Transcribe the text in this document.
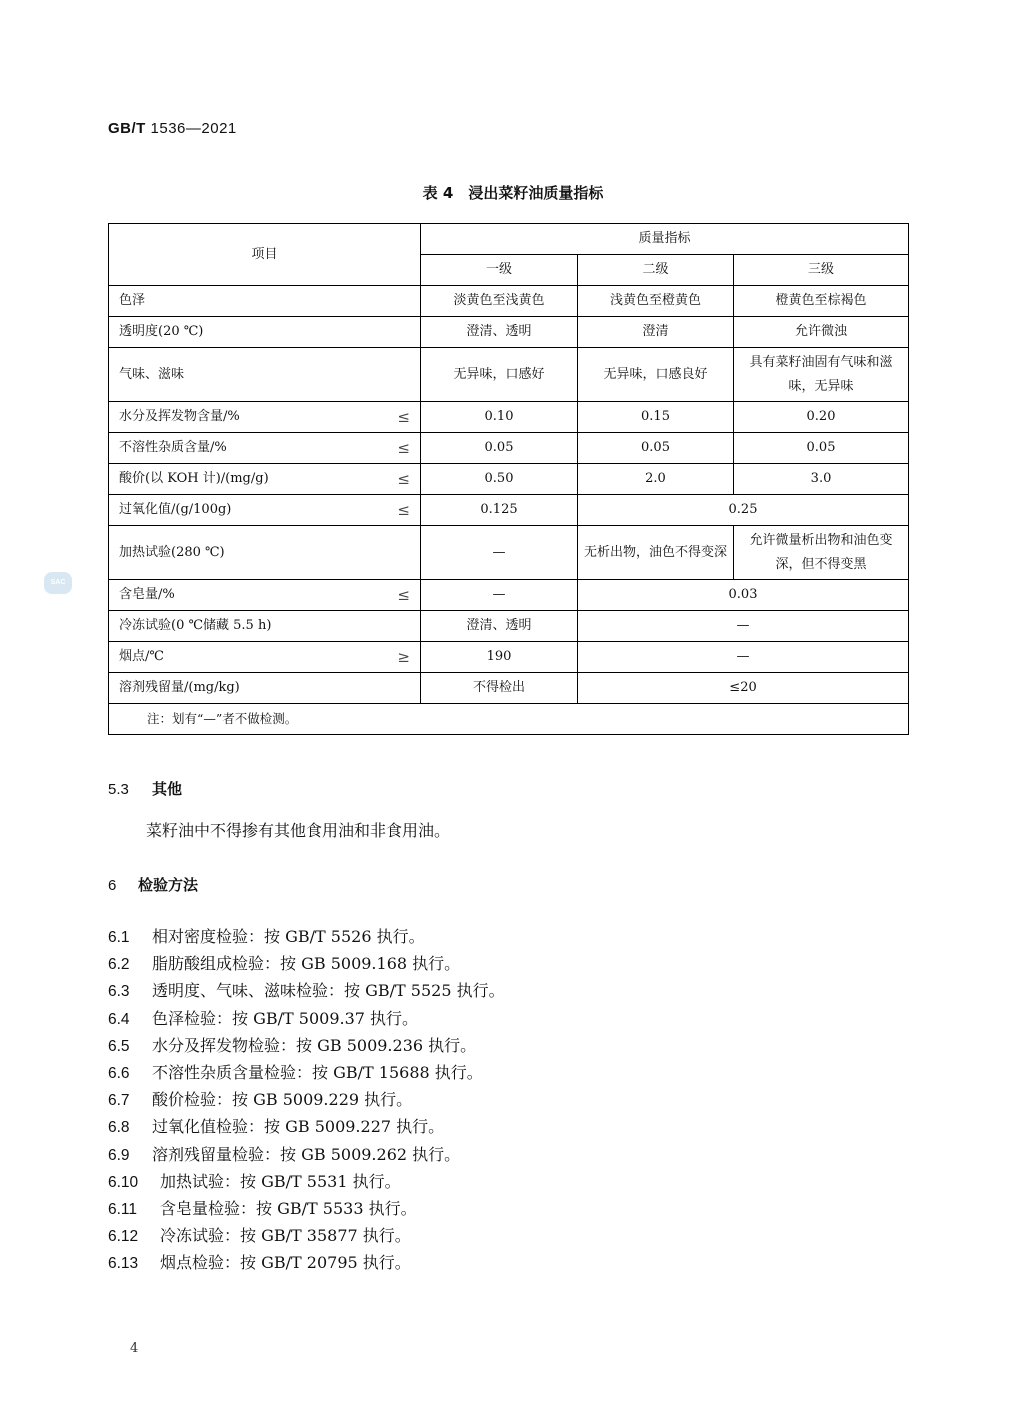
GB/T 1536—2021
表 4　浸出菜籽油质量指标
项目	质量指标		
	一级	二级	三级
色泽	淡黄色至浅黄色	浅黄色至橙黄色	橙黄色至棕褐色
透明度(20 ℃)	澄清、透明	澄清	允许微浊
气味、滋味	无异味，口感好	无异味，口感良好	具有菜籽油固有气味和滋味，无异味
水分及挥发物含量/% ≤	0.10	0.15	0.20
不溶性杂质含量/% ≤	0.05	0.05	0.05
酸价(以 KOH 计)/(mg/g) ≤	0.50	2.0	3.0
过氧化值/(g/100g) ≤	0.125	0.25	
加热试验(280 ℃)	—	无析出物，油色不得变深	允许微量析出物和油色变深，但不得变黑
含皂量/% ≤	—	0.03	
冷冻试验(0 ℃储藏 5.5 h)	澄清、透明	—	
烟点/℃ ≥	190	—	
溶剂残留量/(mg/kg)	不得检出	≤20	
注：划有“—”者不做检测。			
SAC
5.3 其他
菜籽油中不得掺有其他食用油和非食用油。
6 检验方法
6.1 相对密度检验：按 GB/T 5526 执行。
6.2 脂肪酸组成检验：按 GB 5009.168 执行。
6.3 透明度、气味、滋味检验：按 GB/T 5525 执行。
6.4 色泽检验：按 GB/T 5009.37 执行。
6.5 水分及挥发物检验：按 GB 5009.236 执行。
6.6 不溶性杂质含量检验：按 GB/T 15688 执行。
6.7 酸价检验：按 GB 5009.229 执行。
6.8 过氧化值检验：按 GB 5009.227 执行。
6.9 溶剂残留量检验：按 GB 5009.262 执行。
6.10 加热试验：按 GB/T 5531 执行。
6.11 含皂量检验：按 GB/T 5533 执行。
6.12 冷冻试验：按 GB/T 35877 执行。
6.13 烟点检验：按 GB/T 20795 执行。
4
